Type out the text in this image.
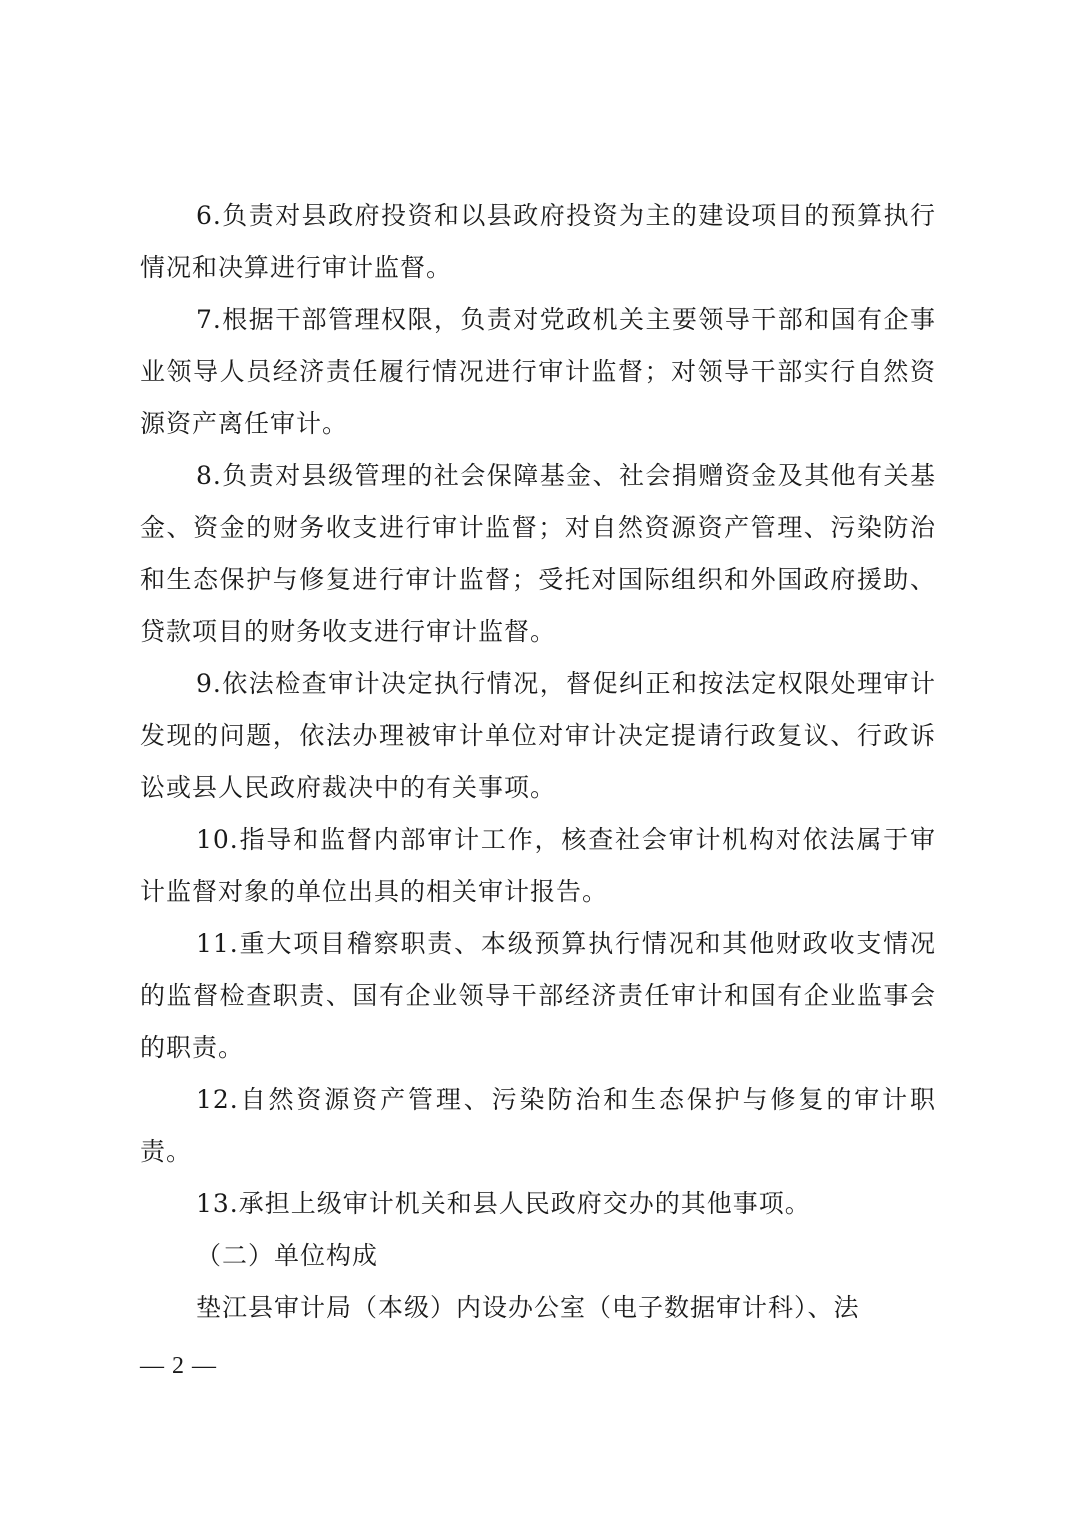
6.负责对县政府投资和以县政府投资为主的建设项目的预算执行情况和决算进行审计监督。

7.根据干部管理权限，负责对党政机关主要领导干部和国有企事业领导人员经济责任履行情况进行审计监督；对领导干部实行自然资源资产离任审计。

8.负责对县级管理的社会保障基金、社会捐赠资金及其他有关基金、资金的财务收支进行审计监督；对自然资源资产管理、污染防治和生态保护与修复进行审计监督；受托对国际组织和外国政府援助、贷款项目的财务收支进行审计监督。

9.依法检查审计决定执行情况，督促纠正和按法定权限处理审计发现的问题，依法办理被审计单位对审计决定提请行政复议、行政诉讼或县人民政府裁决中的有关事项。

10.指导和监督内部审计工作，核查社会审计机构对依法属于审计监督对象的单位出具的相关审计报告。

11.重大项目稽察职责、本级预算执行情况和其他财政收支情况的监督检查职责、国有企业领导干部经济责任审计和国有企业监事会的职责。

12.自然资源资产管理、污染防治和生态保护与修复的审计职责。

13.承担上级审计机关和县人民政府交办的其他事项。

（二）单位构成

垫江县审计局（本级）内设办公室（电子数据审计科）、法

— 2 —
